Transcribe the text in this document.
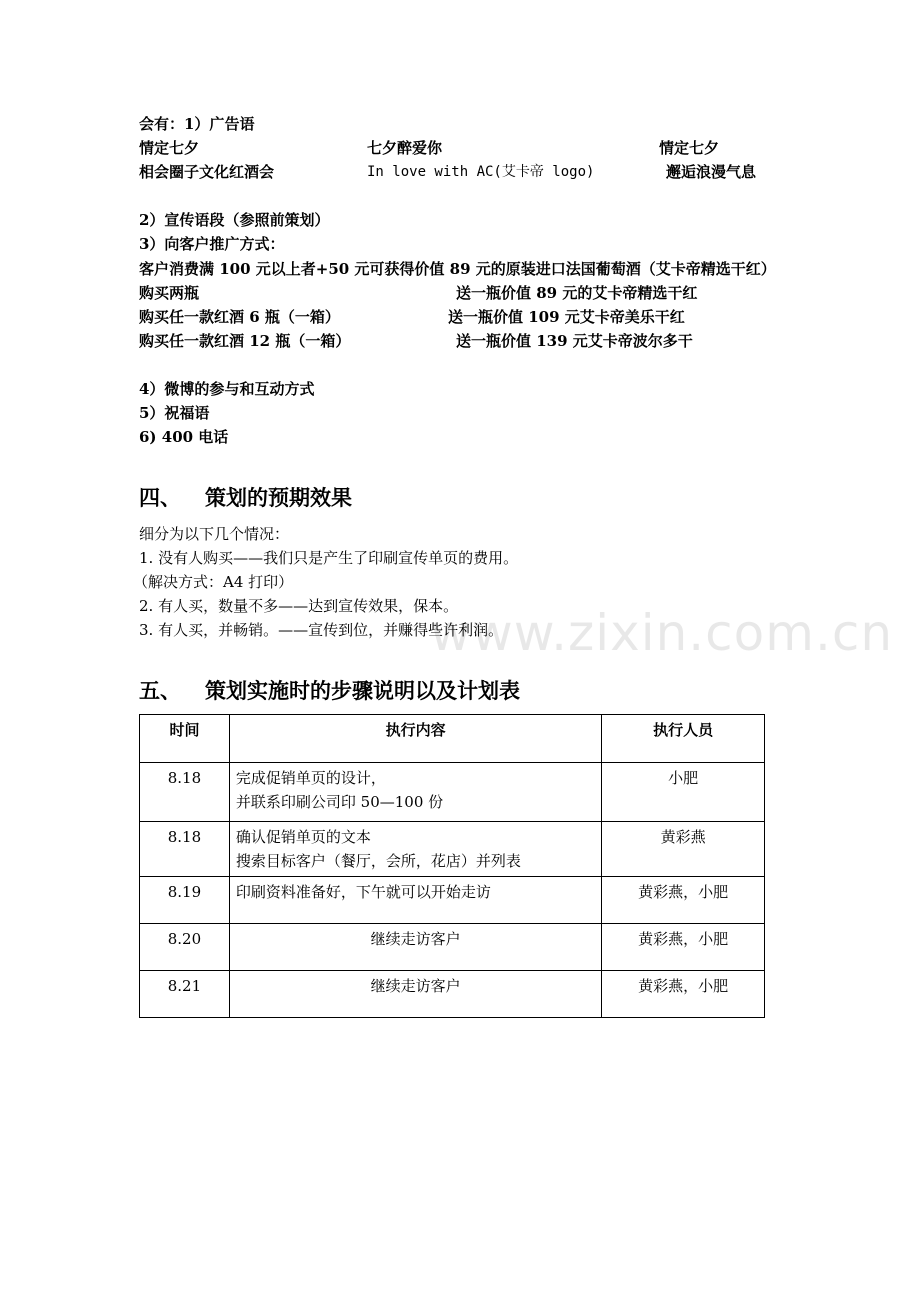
会有：1）广告语
情定七夕	七夕醉爱你	情定七夕
相会圈子文化红酒会	In love with AC(艾卡帝 logo)	邂逅浪漫气息
2）宣传语段（参照前策划）
3）向客户推广方式：
客户消费满 100 元以上者+50 元可获得价值 89 元的原装进口法国葡萄酒（艾卡帝精选干红）
购买两瓶	送一瓶价值 89 元的艾卡帝精选干红
购买任一款红酒 6 瓶（一箱）	送一瓶价值 109 元艾卡帝美乐干红
购买任一款红酒 12 瓶（一箱）	送一瓶价值 139 元艾卡帝波尔多干
4）微博的参与和互动方式
5）祝福语
6) 400 电话
四、 策划的预期效果
细分为以下几个情况：
1. 没有人购买——我们只是产生了印刷宣传单页的费用。
（解决方式：A4 打印）
2. 有人买，数量不多——达到宣传效果，保本。
3. 有人买，并畅销。——宣传到位，并赚得些许利润。
www.zixin.com.cn
五、 策划实施时的步骤说明以及计划表
时间	执行内容	执行人员
8.18	完成促销单页的设计，
并联系印刷公司印 50—100 份	小肥
8.18	确认促销单页的文本
搜索目标客户（餐厅，会所，花店）并列表	黄彩燕
8.19	印刷资料准备好，下午就可以开始走访	黄彩燕，小肥
8.20	继续走访客户	黄彩燕，小肥
8.21	继续走访客户	黄彩燕，小肥
